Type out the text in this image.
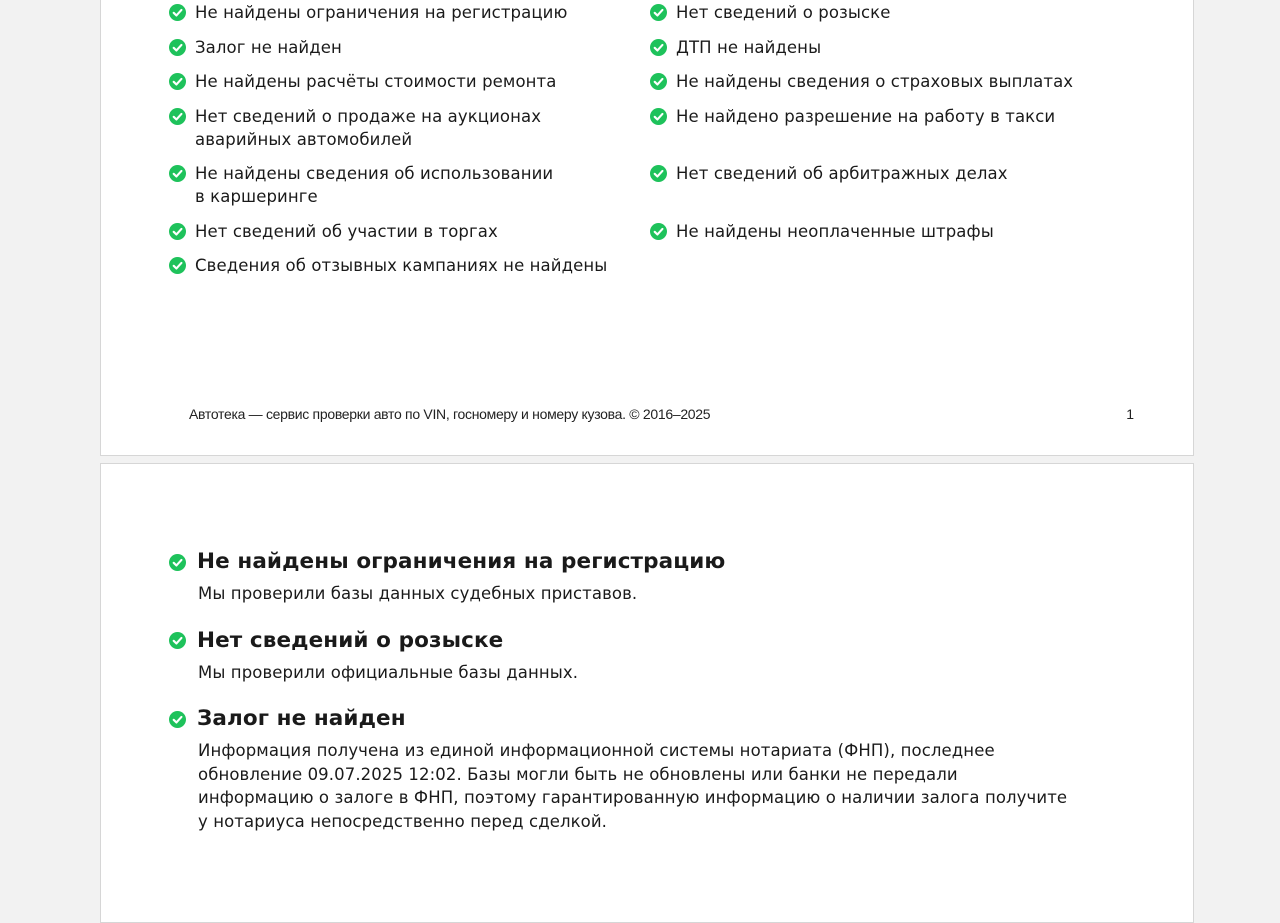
Не найдены ограничения на регистрацию
Залог не найден
Не найдены расчёты стоимости ремонта
Нет сведений о продаже на аукционах аварийных автомобилей
Не найдены сведения об использовании в каршеринге
Нет сведений об участии в торгах
Сведения об отзывных кампаниях не найдены
Нет сведений о розыске
ДТП не найдены
Не найдены сведения о страховых выплатах
Не найдено разрешение на работу в такси
Нет сведений об арбитражных делах
Не найдены неоплаченные штрафы
Автотека — сервис проверки авто по VIN, госномеру и номеру кузова. © 2016–2025	1
Не найдены ограничения на регистрацию
Мы проверили базы данных судебных приставов.
Нет сведений о розыске
Мы проверили официальные базы данных.
Залог не найден
Информация получена из единой информационной системы нотариата (ФНП), последнее обновление 09.07.2025 12:02. Базы могли быть не обновлены или банки не передали информацию о залоге в ФНП, поэтому гарантированную информацию о наличии залога получите у нотариуса непосредственно перед сделкой.
